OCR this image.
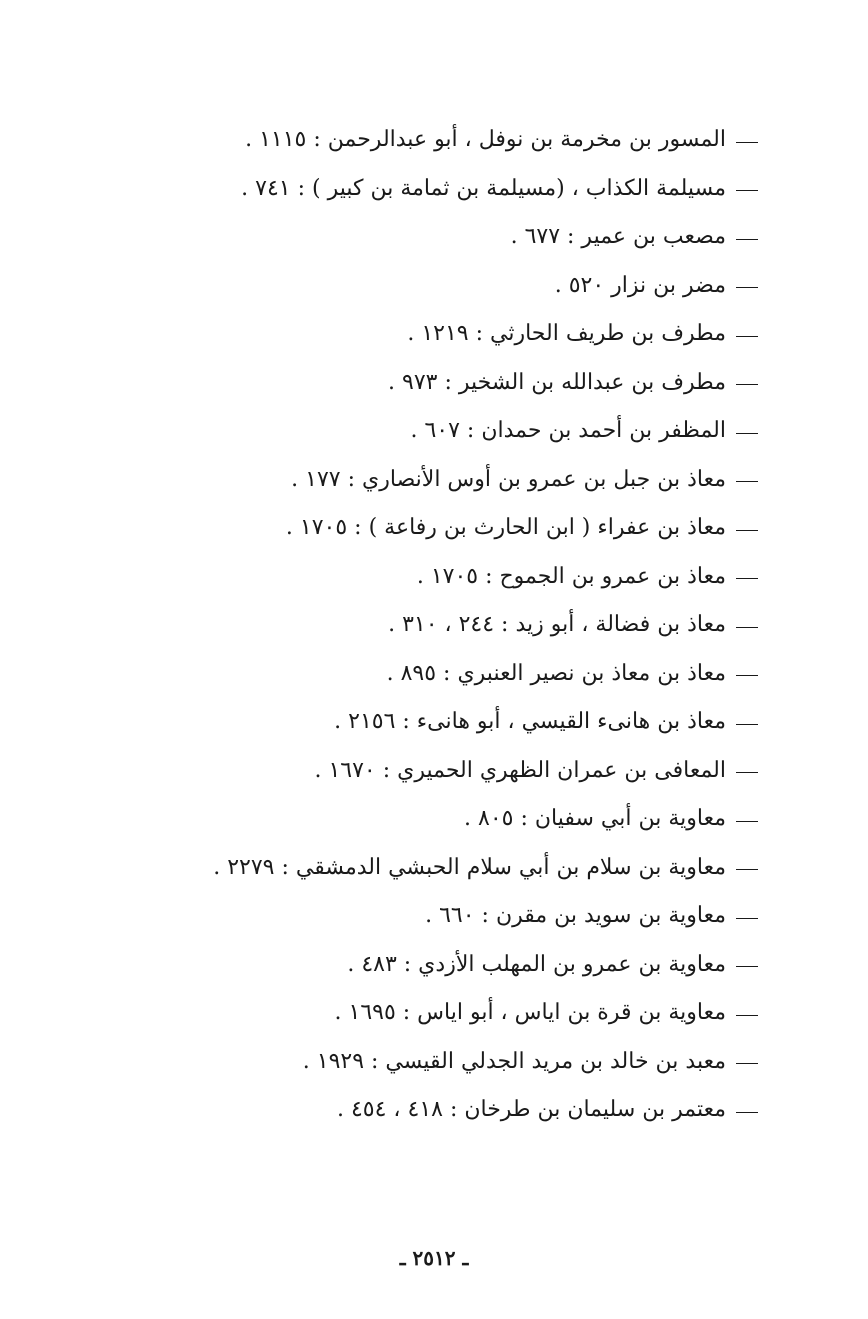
المسور بن مخرمة بن نوفل ، أبو عبدالرحمن : ١١١٥ .
مسيلمة الكذاب ، (مسيلمة بن ثمامة بن كبير ) : ٧٤١ .
مصعب بن عمير : ٦٧٧ .
مضر بن نزار ٥٢٠ .
مطرف بن طريف الحارثي : ١٢١٩ .
مطرف بن عبدالله بن الشخير : ٩٧٣ .
المظفر بن أحمد بن حمدان : ٦٠٧ .
معاذ بن جبل بن عمرو بن أوس الأنصاري : ١٧٧ .
معاذ بن عفراء ( ابن الحارث بن رفاعة ) : ١٧٠٥ .
معاذ بن عمرو بن الجموح : ١٧٠٥ .
معاذ بن فضالة ، أبو زيد : ٢٤٤ ، ٣١٠ .
معاذ بن معاذ بن نصير العنبري : ٨٩٥ .
معاذ بن هانىء القيسي ، أبو هانىء : ٢١٥٦ .
المعافى بن عمران الظهري الحميري : ١٦٧٠ .
معاوية بن أبي سفيان : ٨٠٥ .
معاوية بن سلام بن أبي سلام الحبشي الدمشقي : ٢٢٧٩ .
معاوية بن سويد بن مقرن : ٦٦٠ .
معاوية بن عمرو بن المهلب الأزدي : ٤٨٣ .
معاوية بن قرة بن اياس ، أبو اياس : ١٦٩٥ .
معبد بن خالد بن مريد الجدلي القيسي : ١٩٢٩ .
معتمر بن سليمان بن طرخان : ٤١٨ ، ٤٥٤ .
ـ ٢٥١٢ ـ
